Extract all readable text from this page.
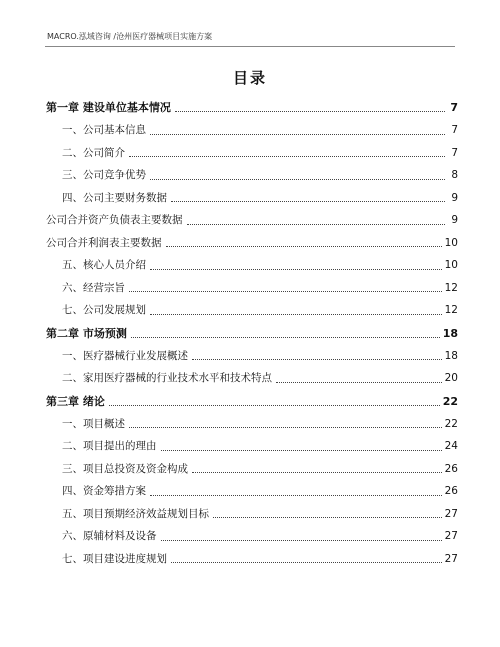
MACRO.泓域咨询 /沧州医疗器械项目实施方案
目录
第一章 建设单位基本情况	7
一、公司基本信息	7
二、公司简介	7
三、公司竞争优势	8
四、公司主要财务数据	9
公司合并资产负债表主要数据	9
公司合并利润表主要数据	10
五、核心人员介绍	10
六、经营宗旨	12
七、公司发展规划	12
第二章 市场预测	18
一、医疗器械行业发展概述	18
二、家用医疗器械的行业技术水平和技术特点	20
第三章 绪论	22
一、项目概述	22
二、项目提出的理由	24
三、项目总投资及资金构成	26
四、资金筹措方案	26
五、项目预期经济效益规划目标	27
六、原辅材料及设备	27
七、项目建设进度规划	27
